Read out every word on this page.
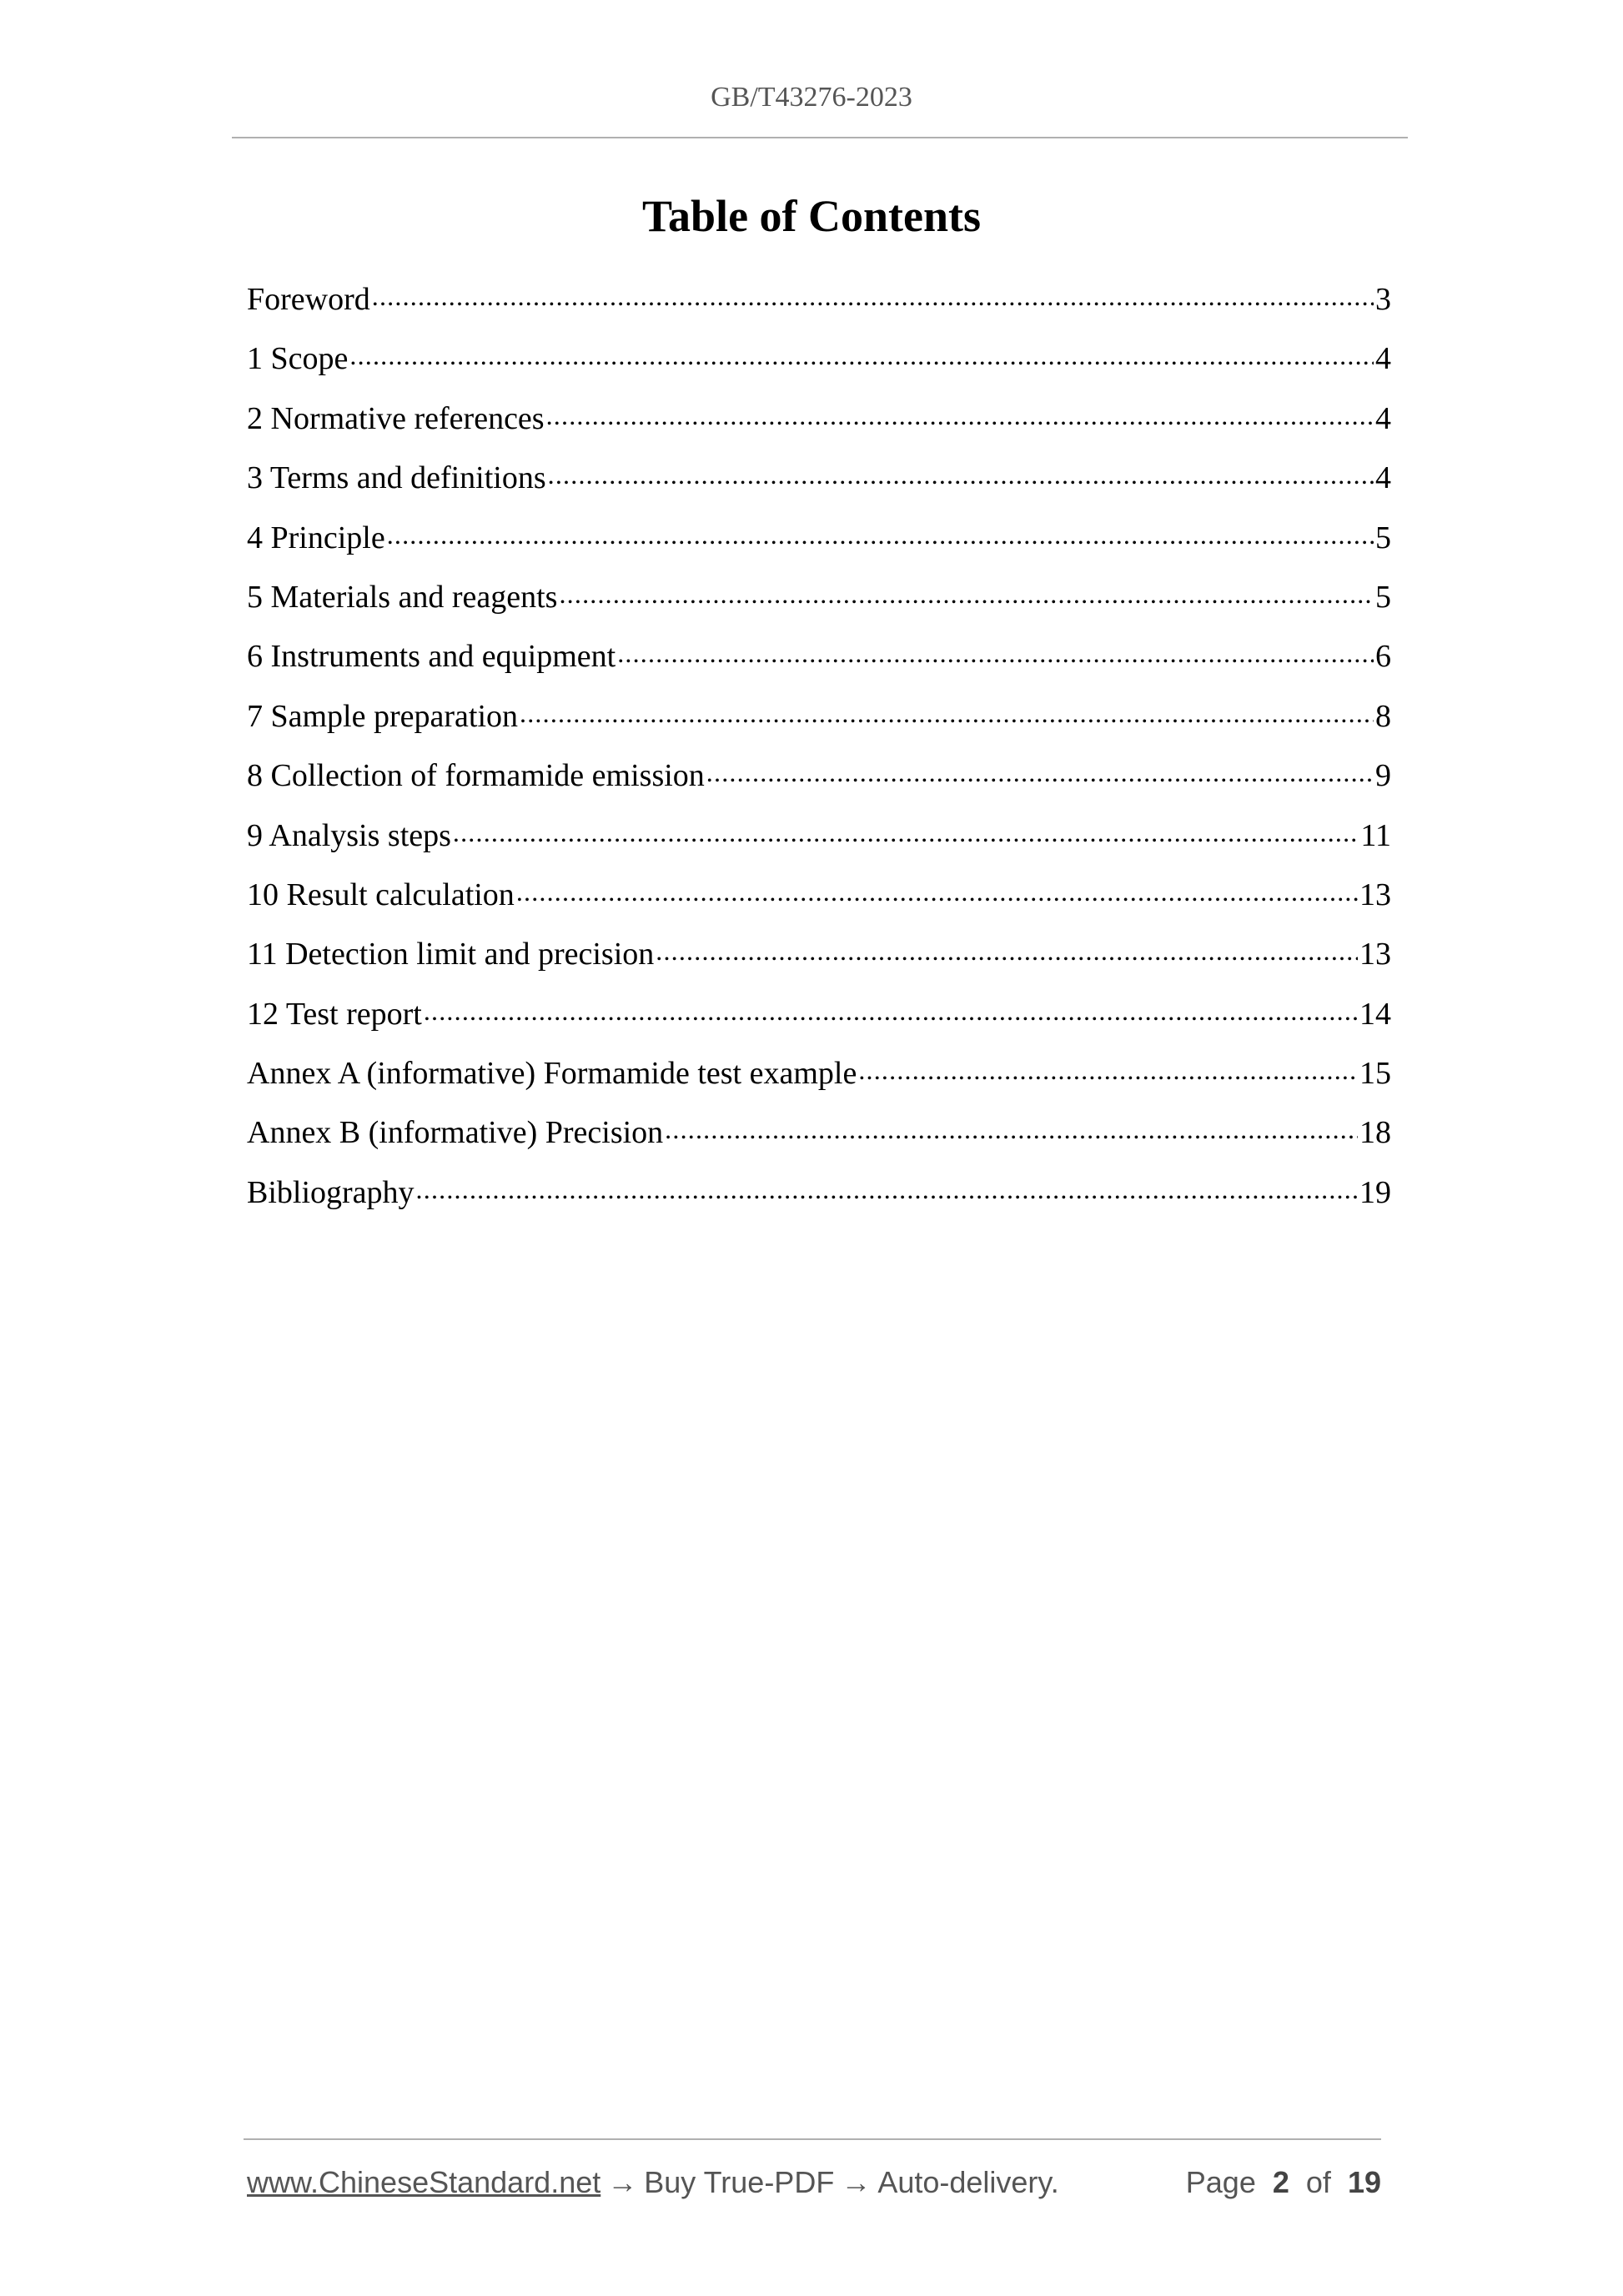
GB/T43276-2023
Table of Contents
Foreword .....	3
1 Scope .....	4
2 Normative references .....	4
3 Terms and definitions .....	4
4 Principle .....	5
5 Materials and reagents .....	5
6 Instruments and equipment .....	6
7 Sample preparation .....	8
8 Collection of formamide emission .....	9
9 Analysis steps .....	11
10 Result calculation .....	13
11 Detection limit and precision .....	13
12 Test report .....	14
Annex A (informative) Formamide test example .....	15
Annex B (informative) Precision .....	18
Bibliography .....	19
www.ChineseStandard.net → Buy True-PDF → Auto-delivery.	Page 2 of 19
